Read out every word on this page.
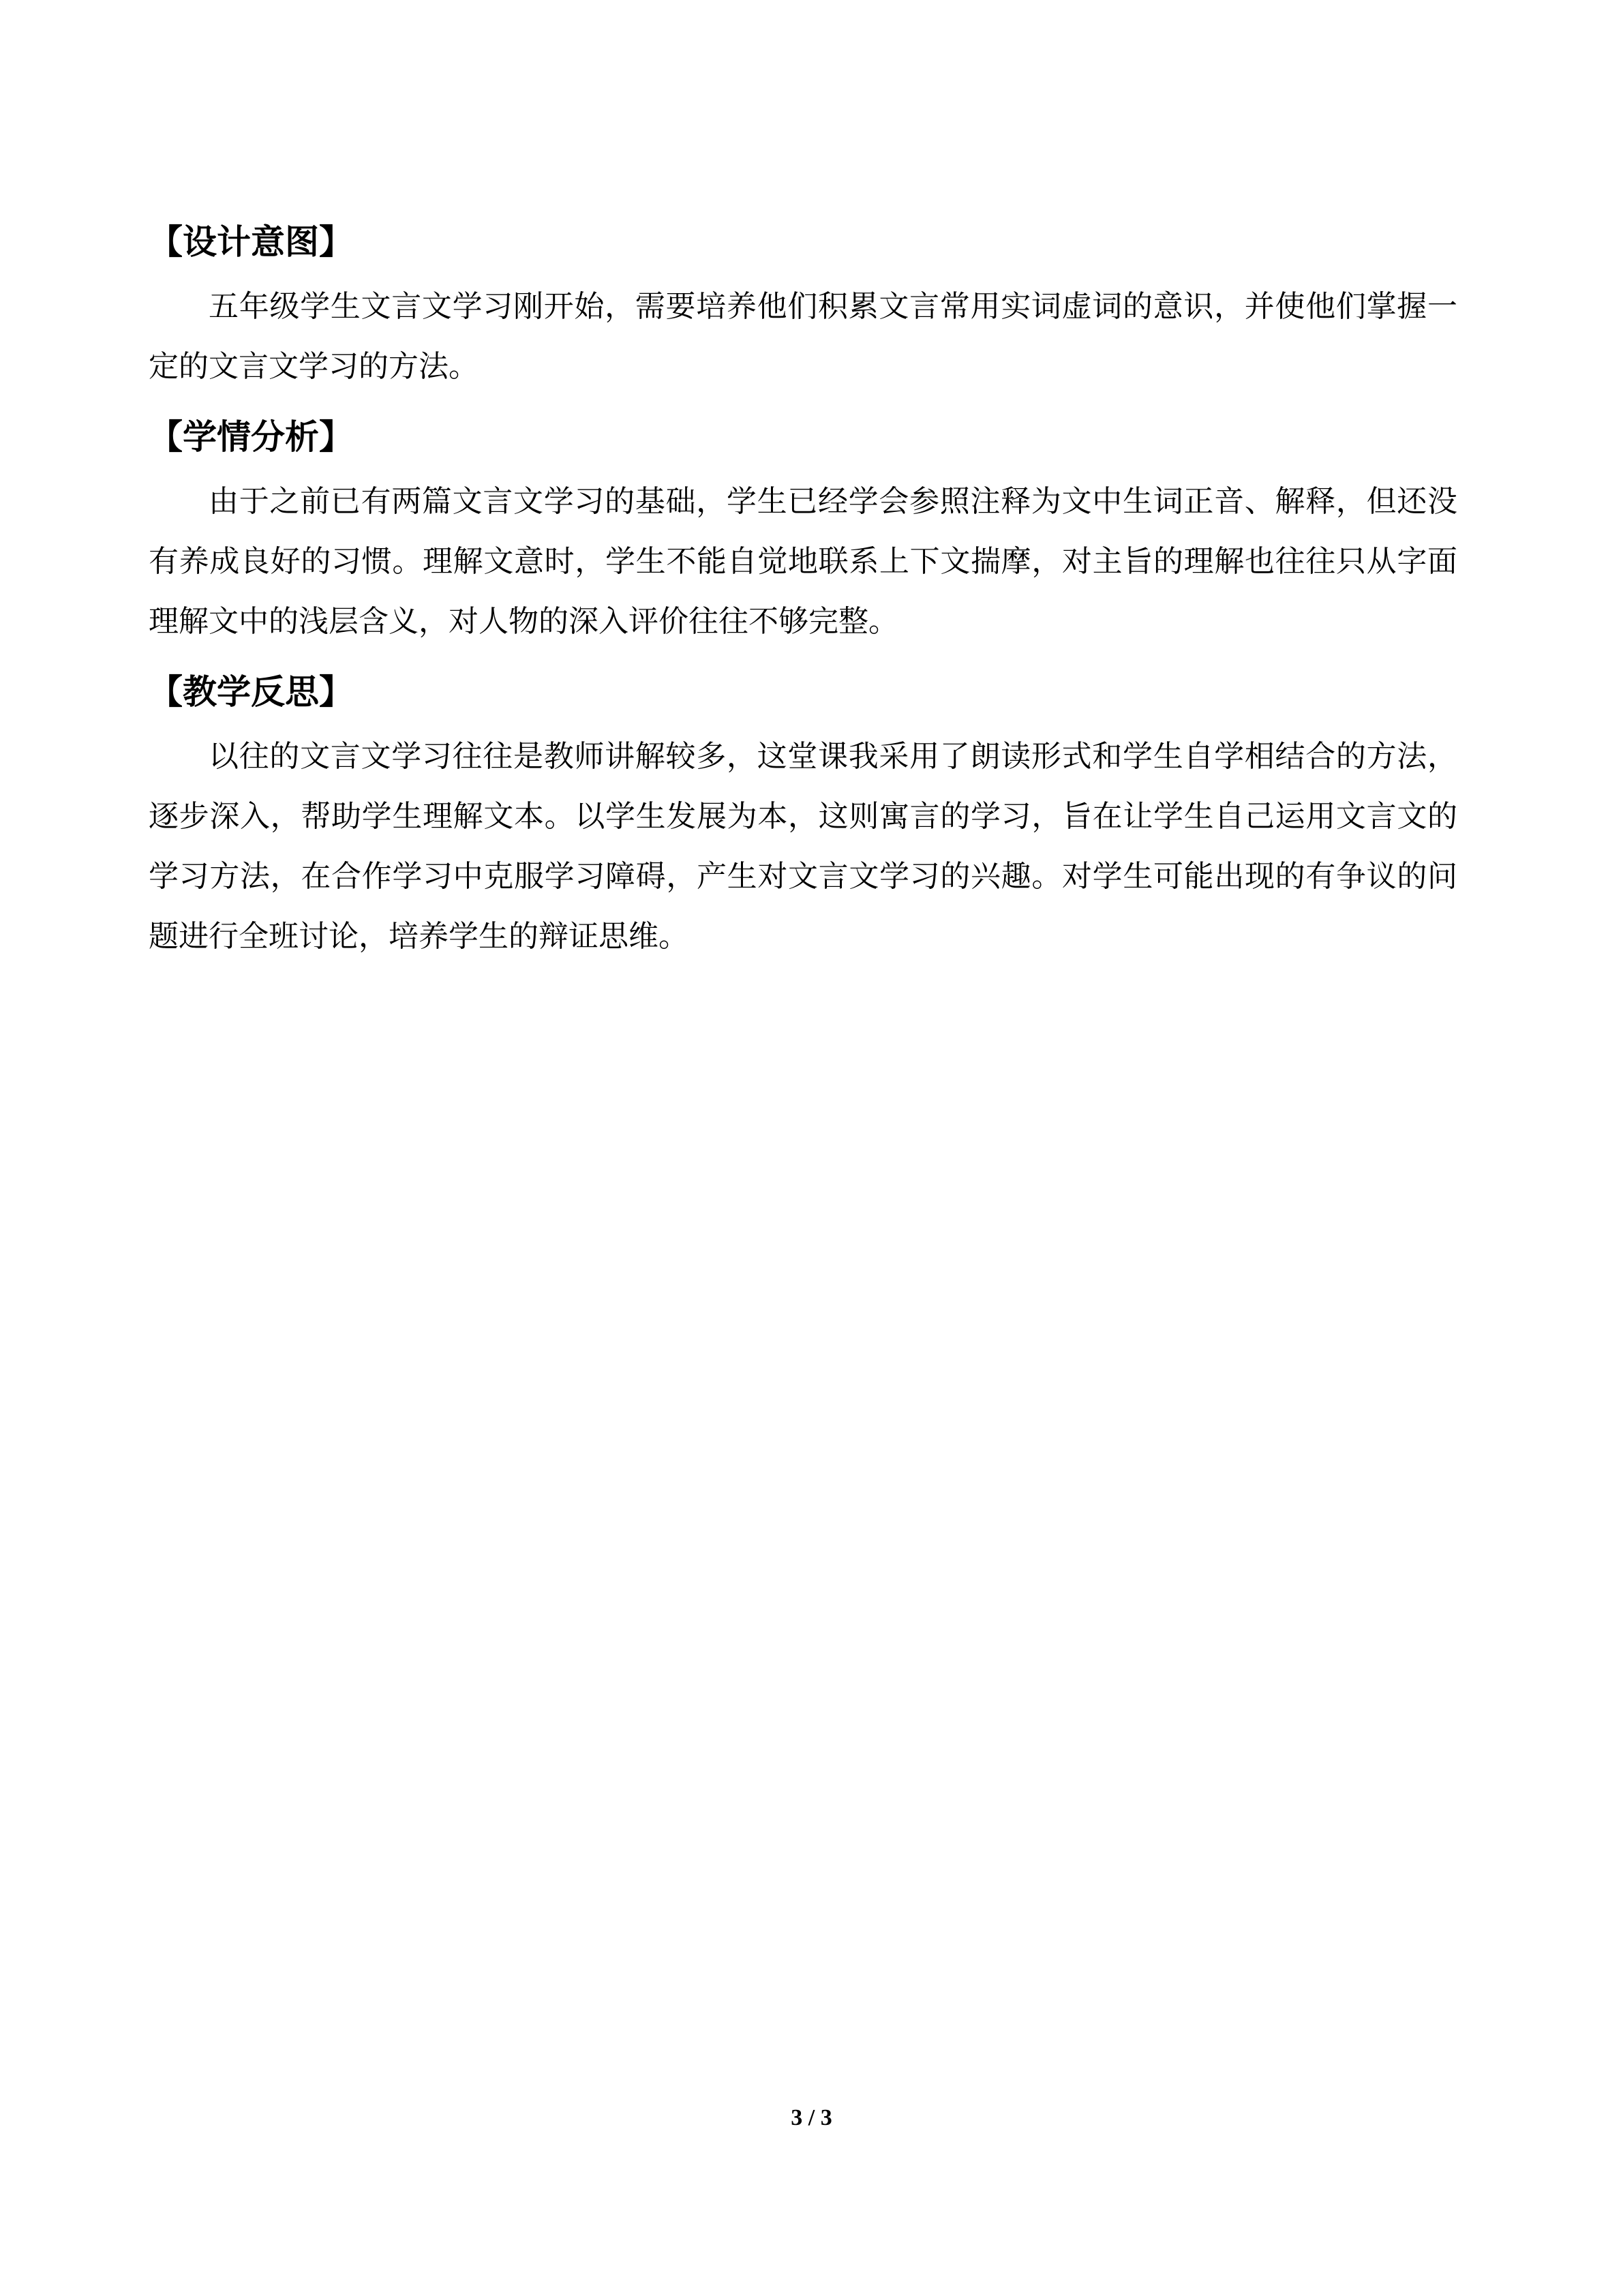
【设计意图】

五年级学生文言文学习刚开始，需要培养他们积累文言常用实词虚词的意识，并使他们掌握一定的文言文学习的方法。

【学情分析】

由于之前已有两篇文言文学习的基础，学生已经学会参照注释为文中生词正音、解释，但还没有养成良好的习惯。理解文意时，学生不能自觉地联系上下文揣摩，对主旨的理解也往往只从字面理解文中的浅层含义，对人物的深入评价往往不够完整。

【教学反思】

以往的文言文学习往往是教师讲解较多，这堂课我采用了朗读形式和学生自学相结合的方法，逐步深入，帮助学生理解文本。以学生发展为本，这则寓言的学习，旨在让学生自己运用文言文的学习方法，在合作学习中克服学习障碍，产生对文言文学习的兴趣。对学生可能出现的有争议的问题进行全班讨论，培养学生的辩证思维。

3 / 3
